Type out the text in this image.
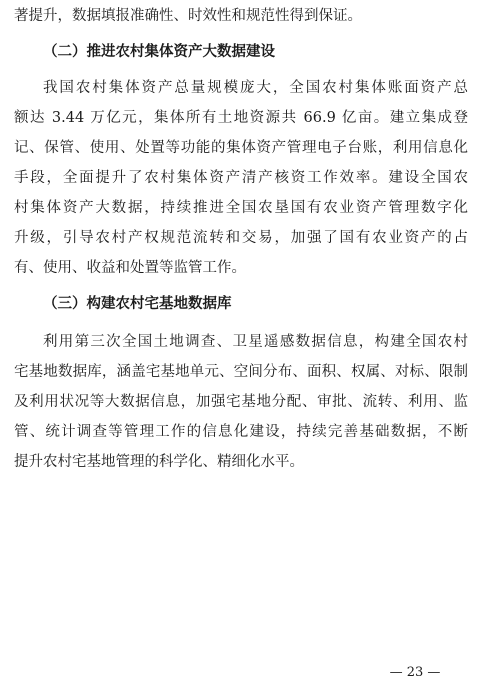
著提升，数据填报准确性、时效性和规范性得到保证。
（二）推进农村集体资产大数据建设
我国农村集体资产总量规模庞大，全国农村集体账面资产总
额达 3.44 万亿元，集体所有土地资源共 66.9 亿亩。建立集成登
记、保管、使用、处置等功能的集体资产管理电子台账，利用信息化
手段，全面提升了农村集体资产清产核资工作效率。建设全国农
村集体资产大数据，持续推进全国农垦国有农业资产管理数字化
升级，引导农村产权规范流转和交易，加强了国有农业资产的占
有、使用、收益和处置等监管工作。
（三）构建农村宅基地数据库
利用第三次全国土地调查、卫星遥感数据信息，构建全国农村
宅基地数据库，涵盖宅基地单元、空间分布、面积、权属、对标、限制
及利用状况等大数据信息，加强宅基地分配、审批、流转、利用、监
管、统计调查等管理工作的信息化建设，持续完善基础数据，不断
提升农村宅基地管理的科学化、精细化水平。
— 23 —
